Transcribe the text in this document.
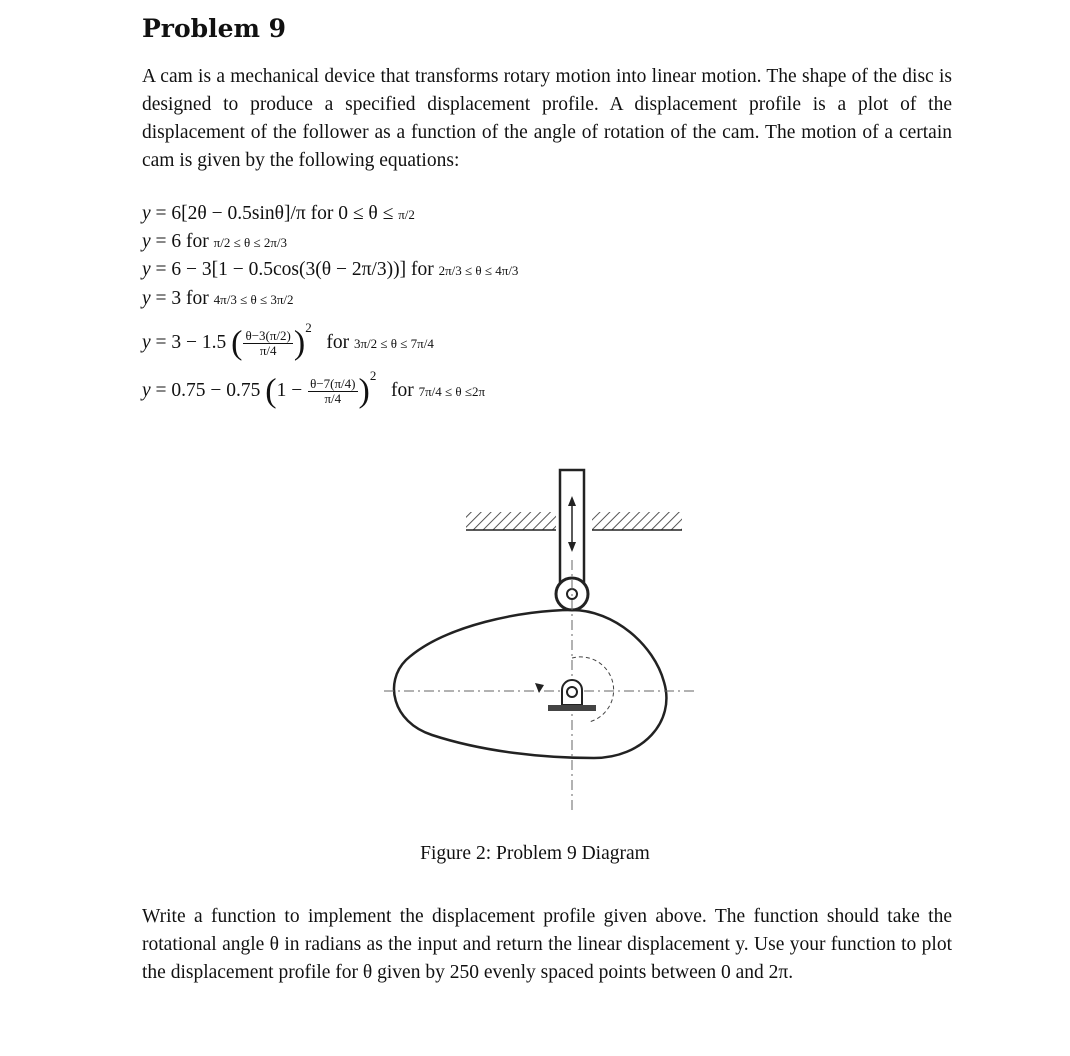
Problem 9

A cam is a mechanical device that transforms rotary motion into linear motion. The shape of the disc is designed to produce a specified displacement profile. A displacement profile is a plot of the displacement of the follower as a function of the angle of rotation of the cam. The motion of a certain cam is given by the following equations:

y = 6[2θ − 0.5sinθ]/π for 0 ≤ θ ≤ π/2
y = 6 for π/2 ≤ θ ≤ 2π/3
y = 6 − 3[1 − 0.5cos(3(θ − 2π/3))] for 2π/3 ≤ θ ≤ 4π/3
y = 3 for 4π/3 ≤ θ ≤ 3π/2
y = 3 − 1.5 ( $\frac{\theta-3(\pi/2)}{\pi/4} )^2$   for 3π/2 ≤ θ ≤ 7π/4
y = 0.75 − 0.75 $(1 - \frac{\theta-7(\pi/4)}{\pi/4} )^2$   for 7π/4 ≤ θ ≤2π
Figure 2: Problem 9 Diagram

Write a function to implement the displacement profile given above. The function should take the rotational angle θ in radians as the input and return the linear displacement y. Use your function to plot the displacement profile for θ given by 250 evenly spaced points between 0 and 2π.
